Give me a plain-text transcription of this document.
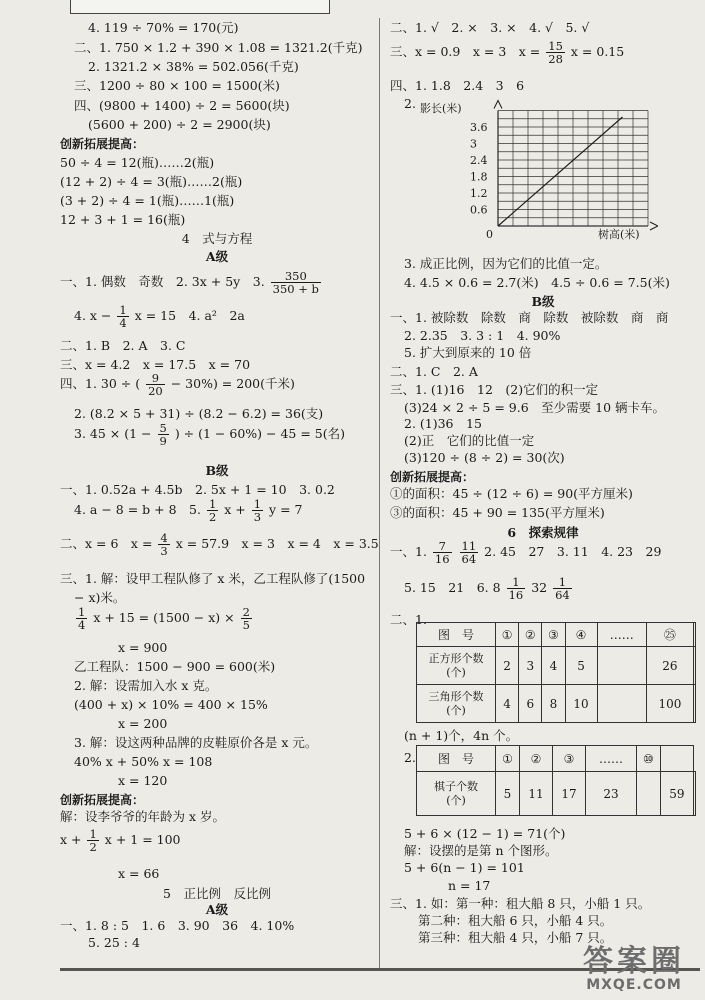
4. 119 ÷ 70% = 170(元)
二、1. 750 × 1.2 + 390 × 1.08 = 1321.2(千克)
2. 1321.2 × 38% = 502.056(千克)
三、1200 ÷ 80 × 100 = 1500(米)
四、(9800 + 1400) ÷ 2 = 5600(块)
(5600 + 200) ÷ 2 = 2900(块)
创新拓展提高：
50 ÷ 4 = 12(瓶)……2(瓶)
(12 + 2) ÷ 4 = 3(瓶)……2(瓶)
(3 + 2) ÷ 4 = 1(瓶)……1(瓶)
12 + 3 + 1 = 16(瓶)
4　式与方程
A级
一、1. 偶数　奇数　2. 3x + 5y　3. $\frac{350}{350 + b}$
4. $x - \frac{1}{4}$ x = 15　4. a²　2a
二、1. B　2. A　3. C
三、x = 4.2　x = 17.5　x = 70
四、1. 30 ÷ ( $\frac{9}{20} - 30\%) = 200$(千米)
2. (8.2 × 5 + 31) ÷ (8.2 − 6.2) = 36(支)
3. $45 \times (1 - \frac{5}{9}$ ) ÷ (1 − 60%) − 45 = 5(名)
B级
一、1. 0.52a + 4.5b　2. 5x + 1 = 10　3. 0.2
4. a − 8 = b + 8　5. $\frac{1}{2}$ $x + \frac{1}{3}$ y = 7
二、x = 6　$x = \frac{4}{3}$ x = 57.9　x = 3　x = 4　x = 3.5
三、1. 解：设甲工程队修了 x 米，乙工程队修了(1500
− x)米。
$\frac{1}{4}$ $x + 15 = (1500 - x) \times \frac{2}{5}$
x = 900
乙工程队：1500 − 900 = 600(米)
2. 解：设需加入水 x 克。
(400 + x) × 10% = 400 × 15%
x = 200
3. 解：设这两种品牌的皮鞋原价各是 x 元。
40% x + 50% x = 108
x = 120
创新拓展提高：
解：设李爷爷的年龄为 x 岁。
$x + \frac{1}{2}$ x + 1 = 100
x = 66
5　正比例　反比例
A级
一、1. 8 : 5　1. 6　3. 90　36　4. 10%
5. 25 : 4
二、1. √　2. ×　3. ×　4. √　5. √
三、x = 0.9　x = 3　$x = \frac{15}{28}$ x = 0.15
四、1. 1.8　2.4　3　6
2. 影长(米)
树高(米)
0.6
1.2
1.8
2.4
3
3.6
0
3. 成正比例，因为它们的比值一定。
4. 4.5 × 0.6 = 2.7(米)　4.5 ÷ 0.6 = 7.5(米)
B级
一、1. 被除数　除数　商　除数　被除数　商　商
2. 2.35　3. 3 : 1　4. 90%
5. 扩大到原来的 10 倍
二、1. C　2. A
三、1. (1)16　12　(2)它们的积一定
(3)24 × 2 ÷ 5 = 9.6　至少需要 10 辆卡车。
2. (1)36　15
(2)正　它们的比值一定
(3)120 ÷ (8 ÷ 2) = 30(次)
创新拓展提高：
①的面积：45 ÷ (12 ÷ 6) = 90(平方厘米)
③的面积：45 + 90 = 135(平方厘米)
6　探索规律
一、1. $\frac{7}{16}$
$\frac{11}{64} 2$. 45　27　3. 11　4. 23　29
5. 15　21　6. $8 \frac{1}{16} 32 \frac{1}{64}$
二、1.
图　号	①	②	③	④	……	㉕	
正方形个数
(个)	2	3	4	5		26	
三角形个数
(个)	4	6	8	10		100	
(n + 1)个，4n 个。
2. 图　号	①	②	③	……	⑩		
棋子个数
(个)	5	11	17	23		59	
5 + 6 × (12 − 1) = 71(个)
解：设摆的是第 n 个图形。
5 + 6(n − 1) = 101
n = 17
三、1. 如：第一种：租大船 8 只，小船 1 只。
第二种：租大船 6 只，小船 4 只。
第三种：租大船 4 只，小船 7 只。
答案圈
MXQE.COM
